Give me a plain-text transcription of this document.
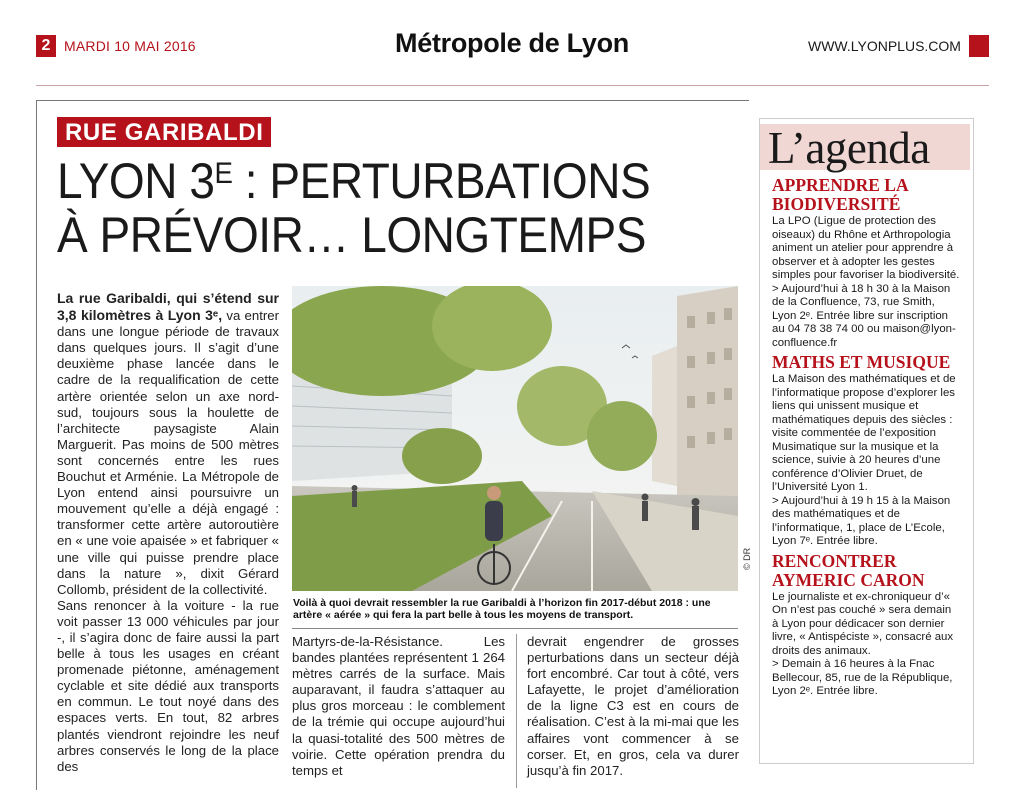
2 MARDI 10 MAI 2016	Métropole de Lyon	WWW.LYONPLUS.COM
RUE GARIBALDI
LYON $3^E$ : PERTURBATIONS
À PRÉVOIR… LONGTEMPS

La rue Garibaldi, qui s’étend sur 3,8 kilomètres à Lyon 3ᵉ, va entrer dans une longue période de travaux dans quelques jours. Il s’agit d’une deuxième phase lancée dans le cadre de la requalification de cette artère orientée selon un axe nord-sud, toujours sous la houlette de l’architecte paysagiste Alain Marguerit. Pas moins de 500 mètres sont concernés entre les rues Bouchut et Arménie. La Métropole de Lyon entend ainsi poursuivre un mouvement qu’elle a déjà engagé : transformer cette artère autoroutière en « une voie apaisée » et fabriquer « une ville qui puisse prendre place dans la nature », dixit Gérard Collomb, président de la collectivité.

Sans renoncer à la voiture - la rue voit passer 13 000 véhicules par jour -, il s’agira donc de faire aussi la part belle à tous les usages en créant promenade piétonne, aménagement cyclable et site dédié aux transports en commun. Le tout noyé dans des espaces verts. En tout, 82 arbres plantés viendront rejoindre les neuf arbres conservés le long de la place des

© DR
Voilà à quoi devrait ressembler la rue Garibaldi à l’horizon fin 2017-début 2018 : une artère « aérée » qui fera la part belle à tous les moyens de transport.
Martyrs-de-la-Résistance. Les bandes plantées représentent 1 264 mètres carrés de la surface. Mais auparavant, il faudra s’attaquer au plus gros morceau : le comblement de la trémie qui occupe aujourd’hui la quasi-totalité des 500 mètres de voirie. Cette opération prendra du temps et
devrait engendrer de grosses perturbations dans un secteur déjà fort encombré. Car tout à côté, vers Lafayette, le projet d’amélioration de la ligne C3 est en cours de réalisation. C’est à la mi-mai que les affaires vont commencer à se corser. Et, en gros, cela va durer jusqu’à fin 2017.
L’agenda
APPRENDRE LA BIODIVERSITÉ
La LPO (Ligue de protection des oiseaux) du Rhône et Arthropologia animent un atelier pour apprendre à observer et à adopter les gestes simples pour favoriser la biodiversité.
> Aujourd’hui à 18 h 30 à la Maison de la Confluence, 73, rue Smith, Lyon 2ᵉ. Entrée libre sur inscription au 04 78 38 74 00 ou maison@lyon-confluence.fr
MATHS ET MUSIQUE
La Maison des mathématiques et de l’informatique propose d’explorer les liens qui unissent musique et mathématiques depuis des siècles : visite commentée de l’exposition Musimatique sur la musique et la science, suivie à 20 heures d’une conférence d’Olivier Druet, de l’Université Lyon 1.
> Aujourd’hui à 19 h 15 à la Maison des mathématiques et de l’informatique, 1, place de L’Ecole, Lyon 7ᵉ. Entrée libre.
RENCONTRER AYMERIC CARON
Le journaliste et ex-chroniqueur d’« On n’est pas couché » sera demain à Lyon pour dédicacer son dernier livre, « Antispéciste », consacré aux droits des animaux.
> Demain à 16 heures à la Fnac Bellecour, 85, rue de la République, Lyon 2ᵉ. Entrée libre.
